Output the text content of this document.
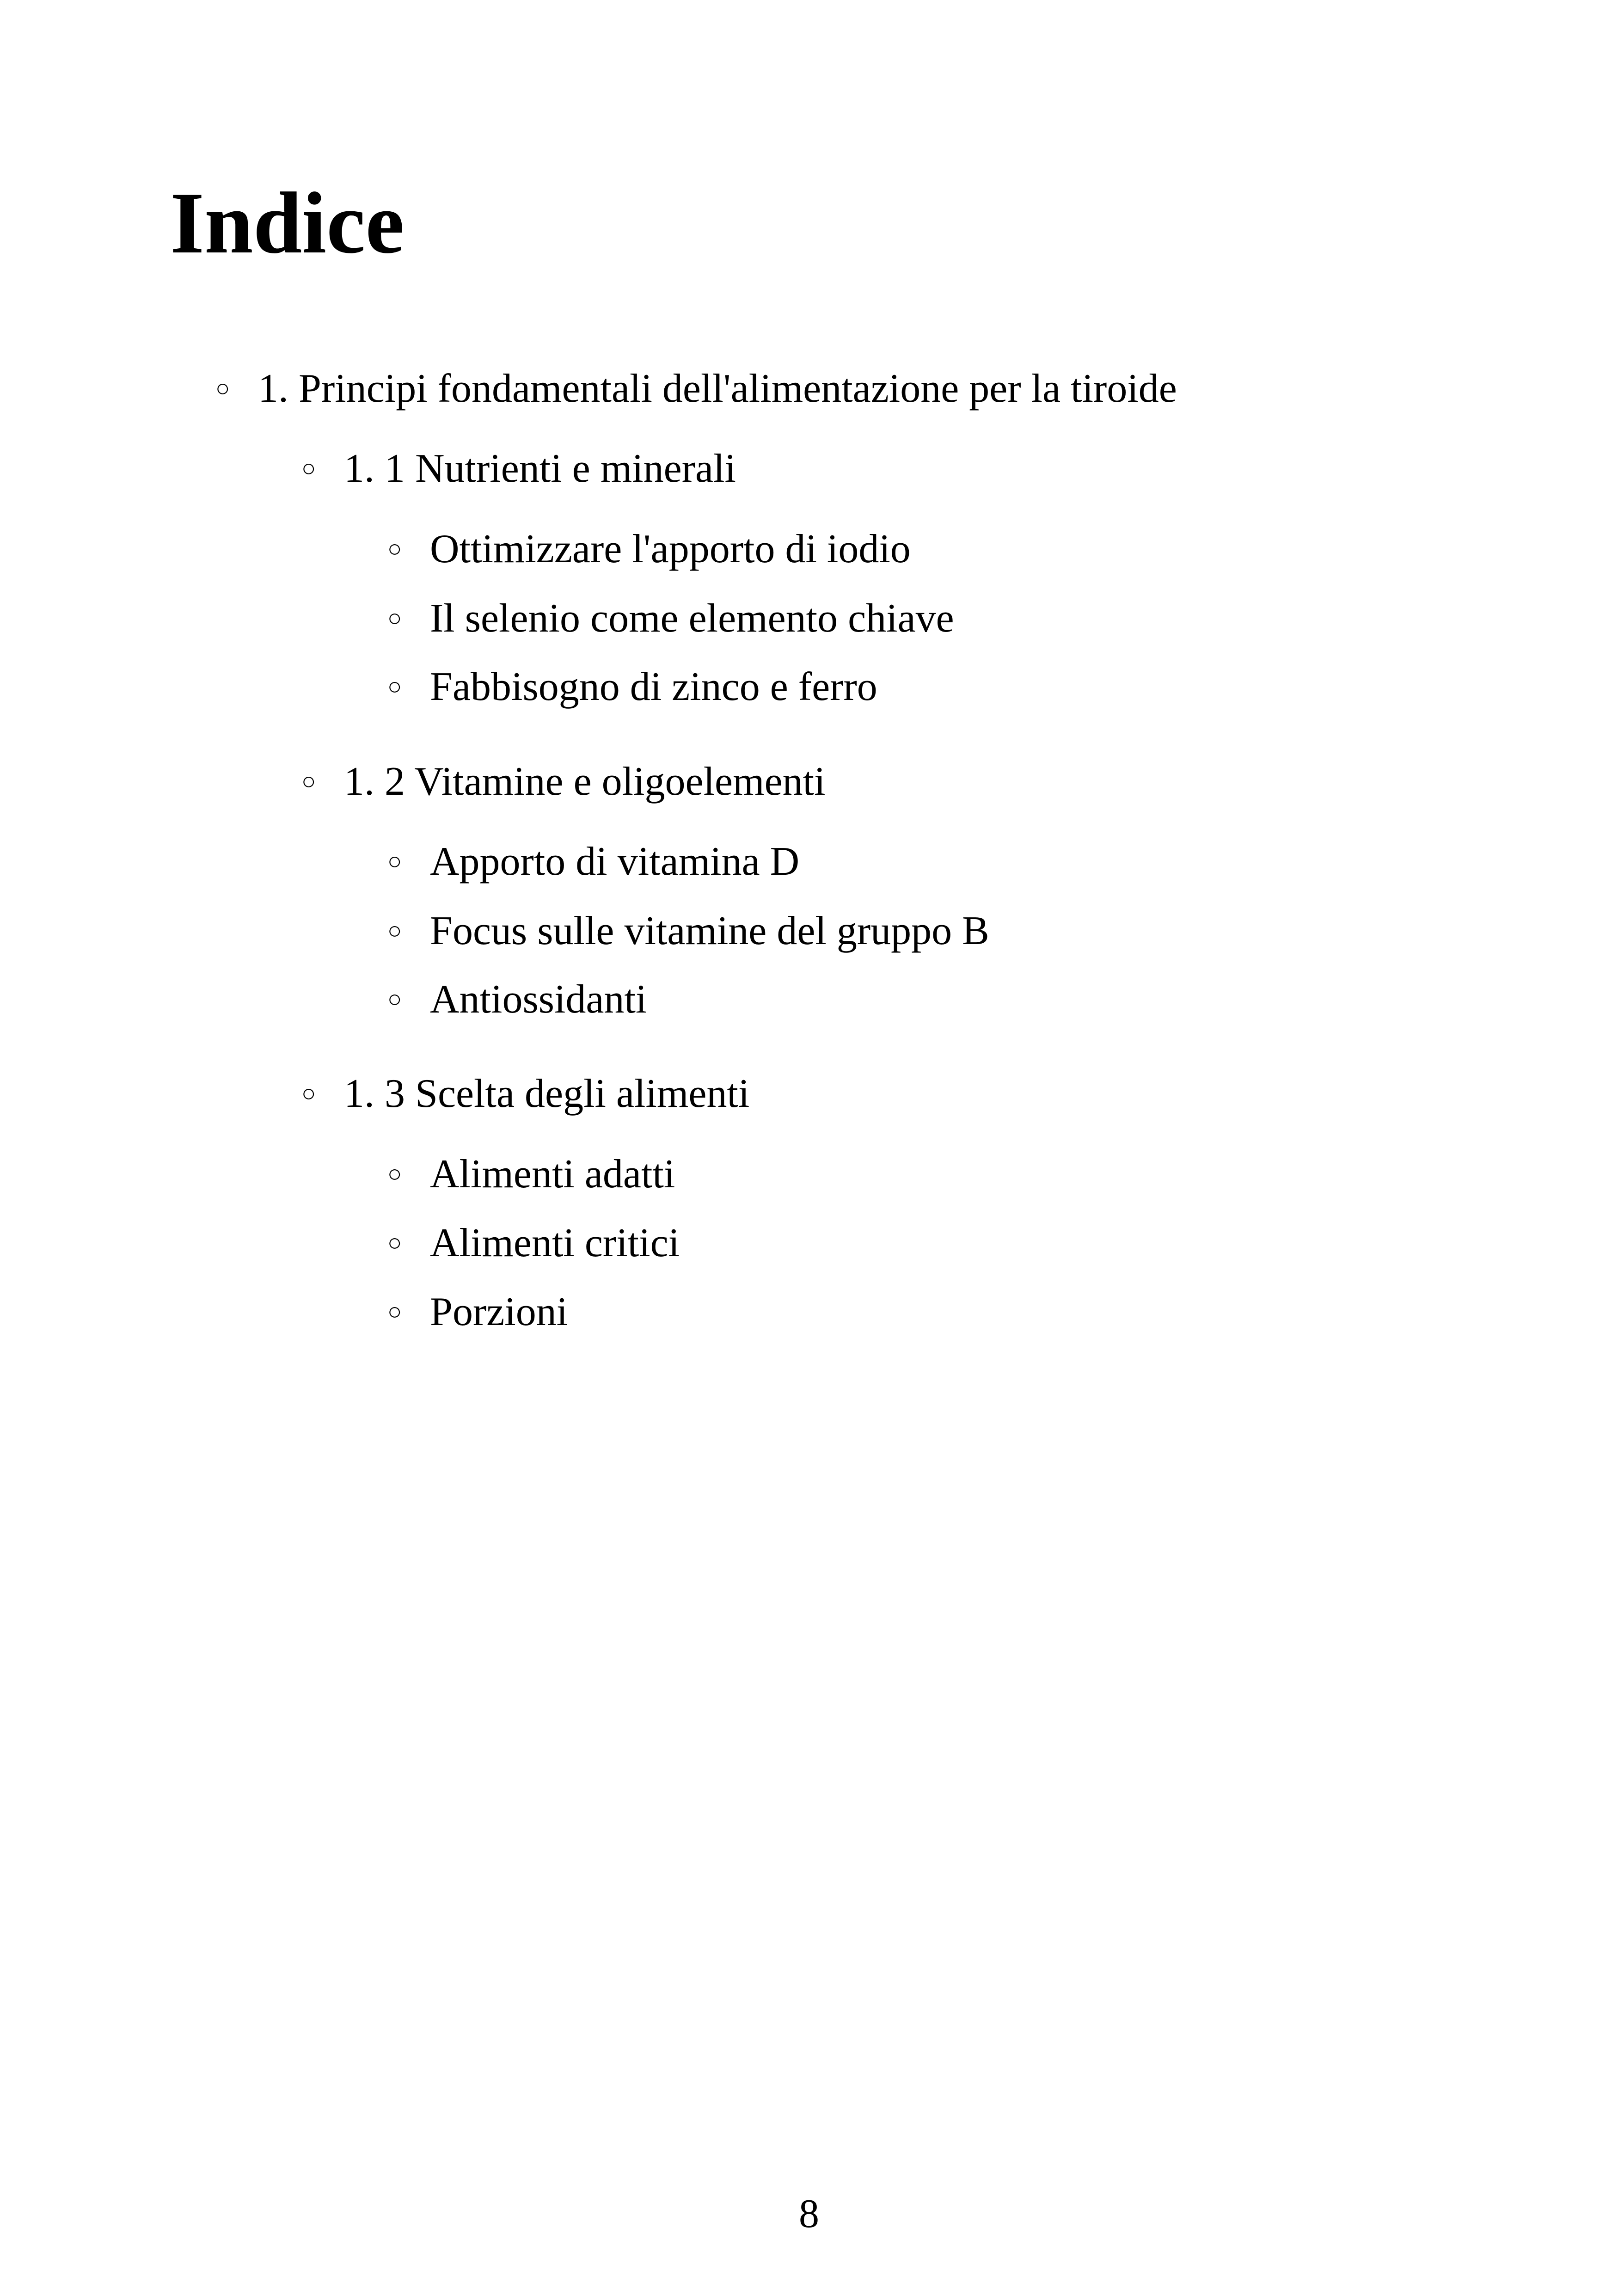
Indice
○ 1. Principi fondamentali dell'alimentazione per la tiroide
○ 1. 1 Nutrienti e minerali
○ Ottimizzare l'apporto di iodio
○ Il selenio come elemento chiave
○ Fabbisogno di zinco e ferro
○ 1. 2 Vitamine e oligoelementi
○ Apporto di vitamina D
○ Focus sulle vitamine del gruppo B
○ Antiossidanti
○ 1. 3 Scelta degli alimenti
○ Alimenti adatti
○ Alimenti critici
○ Porzioni
8
